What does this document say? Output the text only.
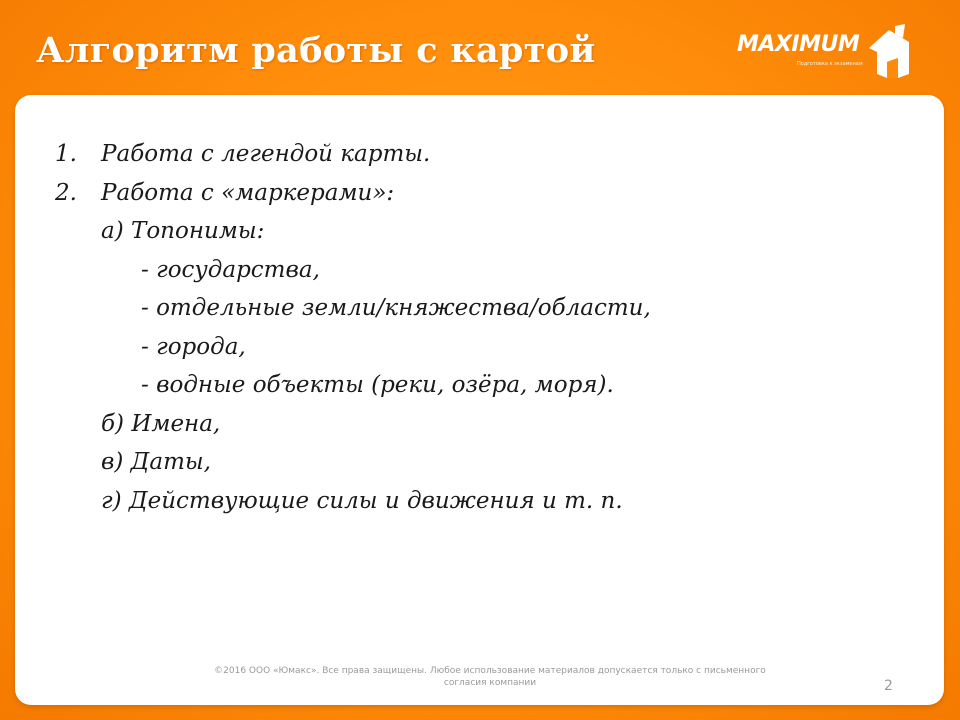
Алгоритм работы с картой	MAXIMUM
Подготовка к экзаменам
1. Работа с легендой карты.
2. Работа с «маркерами»:
а) Топонимы:
- государства,
- отдельные земли/княжества/области,
- города,
- водные объекты (реки, озёра, моря).
б) Имена,
в) Даты,
г) Действующие силы и движения и т. п.

©2016 ООО «Юмакс». Все права защищены. Любое использование материалов допускается только с письменного
согласия компании	2
